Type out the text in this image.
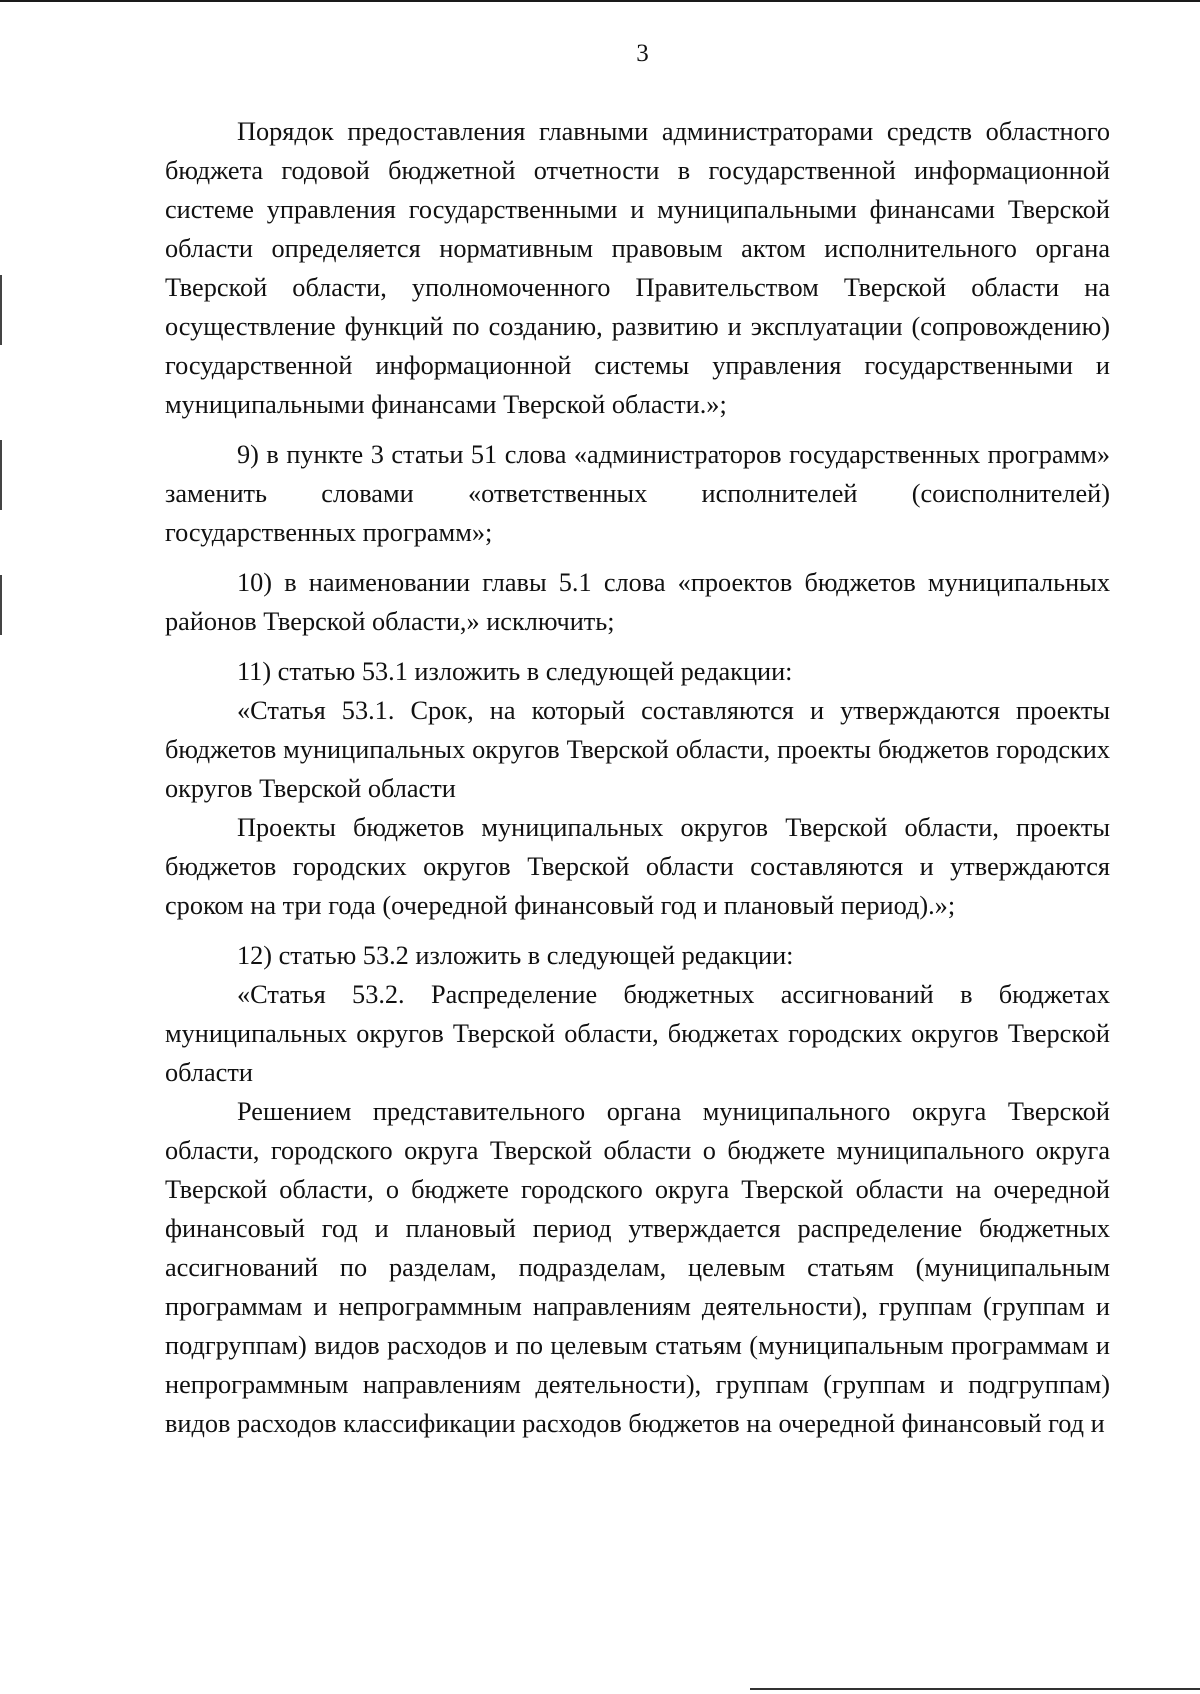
3

Порядок предоставления главными администраторами средств областного бюджета годовой бюджетной отчетности в государственной информационной системе управления государственными и муниципальными финансами Тверской области определяется нормативным правовым актом исполнительного органа Тверской области, уполномоченного Правительством Тверской области на осуществление функций по созданию, развитию и эксплуатации (сопровождению) государственной информационной системы управления государственными и муниципальными финансами Тверской области.»;

9) в пункте 3 статьи 51 слова «администраторов государственных программ» заменить словами «ответственных исполнителей (соисполнителей) государственных программ»;

10) в наименовании главы 5.1 слова «проектов бюджетов муниципальных районов Тверской области,» исключить;

11) статью 53.1 изложить в следующей редакции:

«Статья 53.1. Срок, на который составляются и утверждаются проекты бюджетов муниципальных округов Тверской области, проекты бюджетов городских округов Тверской области

Проекты бюджетов муниципальных округов Тверской области, проекты бюджетов городских округов Тверской области составляются и утверждаются сроком на три года (очередной финансовый год и плановый период).»;

12) статью 53.2 изложить в следующей редакции:

«Статья 53.2. Распределение бюджетных ассигнований в бюджетах муниципальных округов Тверской области, бюджетах городских округов Тверской области

Решением представительного органа муниципального округа Тверской области, городского округа Тверской области о бюджете муниципального округа Тверской области, о бюджете городского округа Тверской области на очередной финансовый год и плановый период утверждается распределение бюджетных ассигнований по разделам, подразделам, целевым статьям (муниципальным программам и непрограммным направлениям деятельности), группам (группам и подгруппам) видов расходов и по целевым статьям (муниципальным программам и непрограммным направлениям деятельности), группам (группам и подгруппам) видов расходов классификации расходов бюджетов на очередной финансовый год и
